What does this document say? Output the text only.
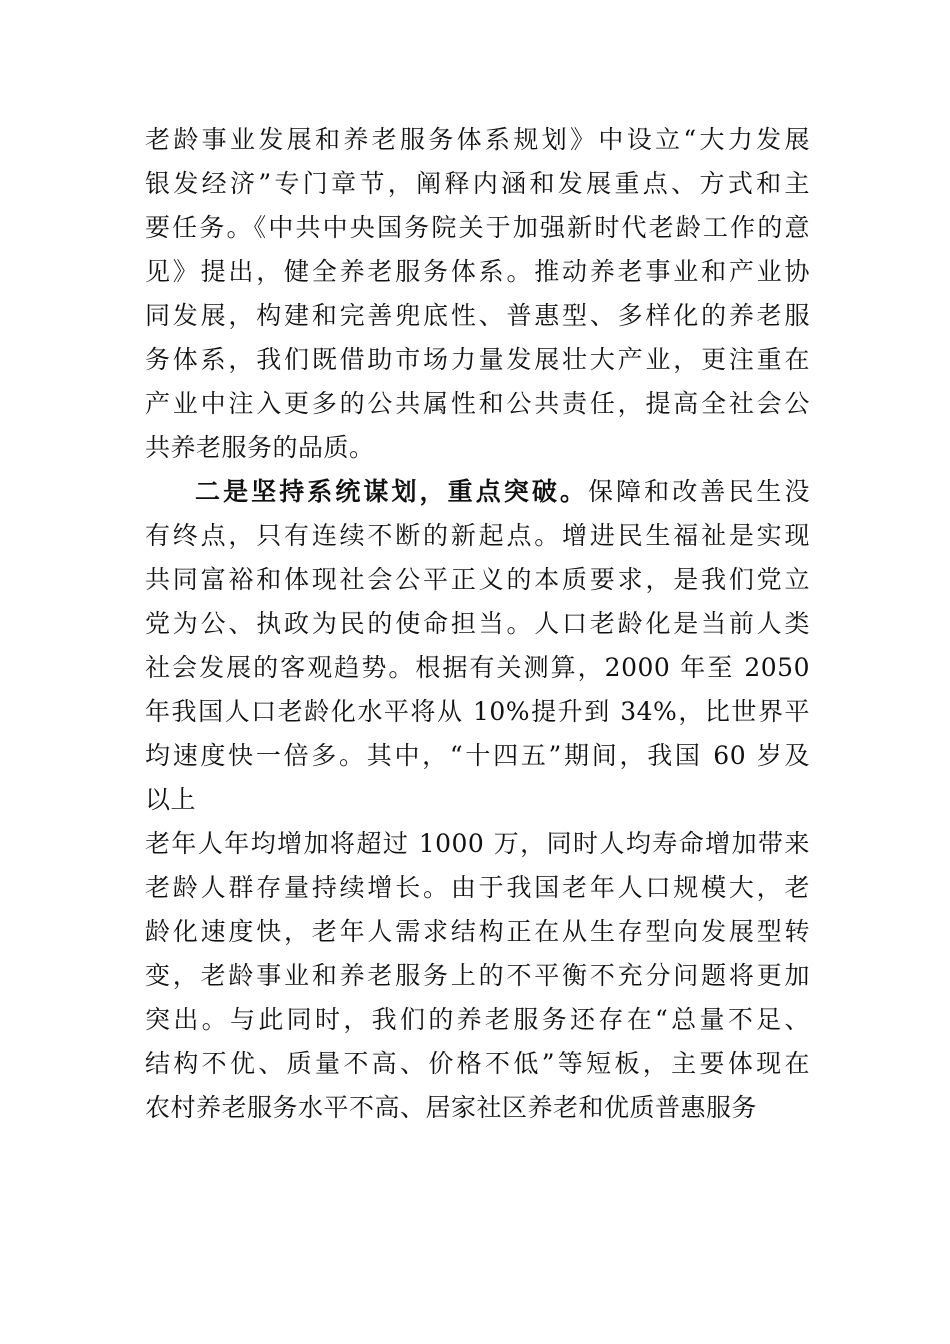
老龄事业发展和养老服务体系规划》中设立“大力发展
银发经济”专门章节，阐释内涵和发展重点、方式和主
要任务。《中共中央国务院关于加强新时代老龄工作的意
见》提出，健全养老服务体系。推动养老事业和产业协
同发展，构建和完善兜底性、普惠型、多样化的养老服
务体系，我们既借助市场力量发展壮大产业，更注重在
产业中注入更多的公共属性和公共责任，提高全社会公
共养老服务的品质。
二是坚持系统谋划，重点突破。保障和改善民生没
有终点，只有连续不断的新起点。增进民生福祉是实现
共同富裕和体现社会公平正义的本质要求，是我们党立
党为公、执政为民的使命担当。人口老龄化是当前人类
社会发展的客观趋势。根据有关测算，2000 年至 2050
年我国人口老龄化水平将从 10%提升到 34%，比世界平
均速度快一倍多。其中，“十四五”期间，我国 60 岁及
以上
老年人年均增加将超过 1000 万，同时人均寿命增加带来
老龄人群存量持续增长。由于我国老年人口规模大，老
龄化速度快，老年人需求结构正在从生存型向发展型转
变，老龄事业和养老服务上的不平衡不充分问题将更加
突出。与此同时，我们的养老服务还存在“总量不足、
结构不优、质量不高、价格不低”等短板，主要体现在
农村养老服务水平不高、居家社区养老和优质普惠服务
